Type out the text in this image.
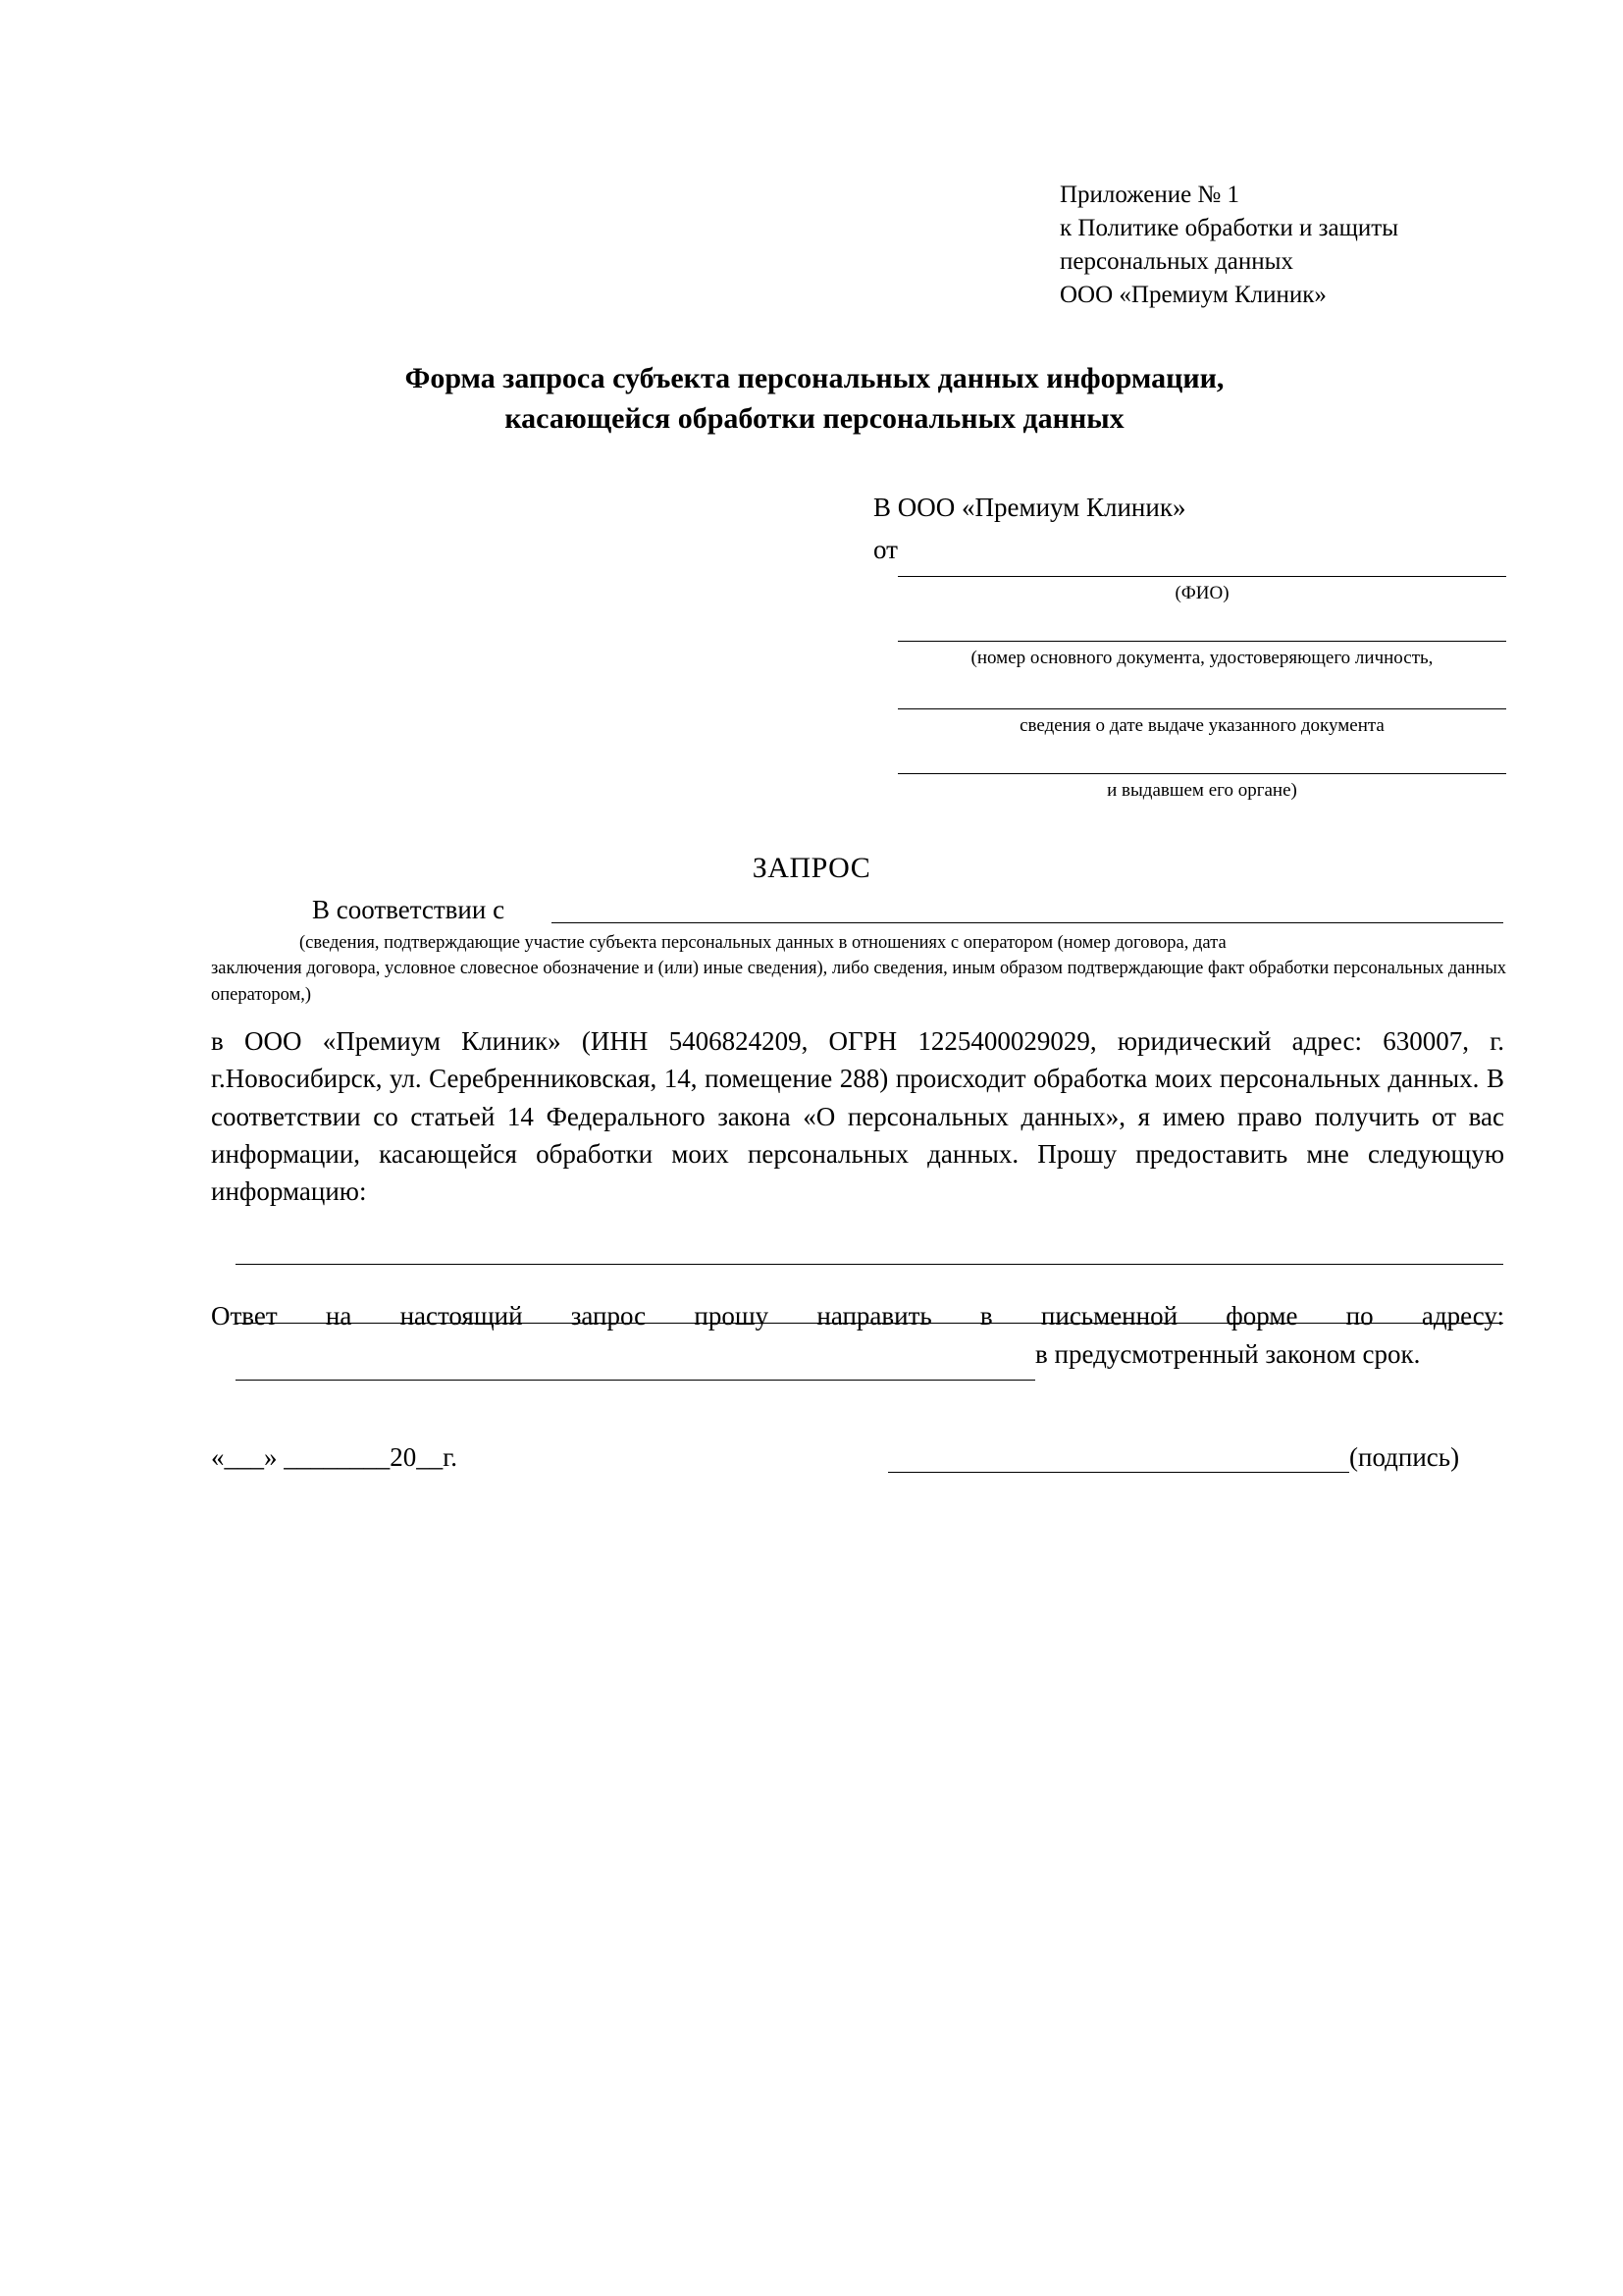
Приложение № 1
к Политике обработки и защиты
персональных данных
ООО «Премиум Клиник»
Форма запроса субъекта персональных данных информации,
касающейся обработки персональных данных
В ООО «Премиум Клиник»
от
(ФИО)
(номер основного документа, удостоверяющего личность,
сведения о дате выдаче указанного документа
и выдавшем его органе)
ЗАПРОС
В соответствии с
(сведения, подтверждающие участие субъекта персональных данных в отношениях с оператором (номер договора, дата
заключения договора, условное словесное обозначение и (или) иные сведения), либо сведения, иным образом подтверждающие факт обработки персональных данных оператором,)
в ООО «Премиум Клиник» (ИНН 5406824209, ОГРН 1225400029029, юридический адрес: 630007, г. г.Новосибирск, ул. Серебренниковская, 14, помещение 288) происходит обработка моих персональных данных. В соответствии со статьей 14 Федерального закона «О персональных данных», я имею право получить от вас информации, касающейся обработки моих персональных данных. Прошу предоставить мне следующую информацию:
Ответ на настоящий запрос прошу направить в письменной форме по адресу:
в предусмотренный законом срок.
«___» ________20__г.	(подпись)
